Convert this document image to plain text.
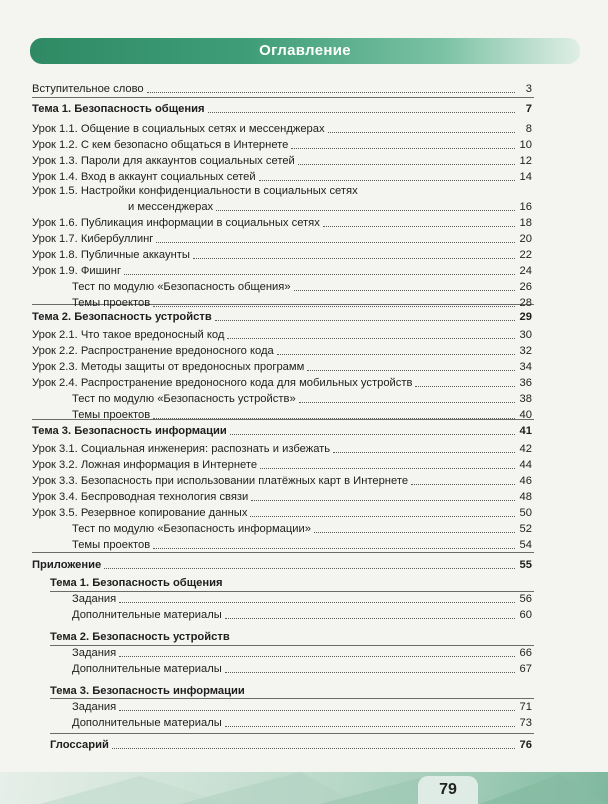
Оглавление
Вступительное слово	3
Тема 1. Безопасность общения	7
Урок 1.1. Общение в социальных сетях и мессенджерах	8
Урок 1.2. С кем безопасно общаться в Интернете	10
Урок 1.3. Пароли для аккаунтов социальных сетей	12
Урок 1.4. Вход в аккаунт социальных сетей	14
Урок 1.5. Настройки конфиденциальности в социальных сетях
и мессенджерах	16
Урок 1.6. Публикация информации в социальных сетях	18
Урок 1.7. Кибербуллинг	20
Урок 1.8. Публичные аккаунты	22
Урок 1.9. Фишинг	24
Тест по модулю «Безопасность общения»	26
Темы проектов	28
Тема 2. Безопасность устройств	29
Урок 2.1. Что такое вредоносный код	30
Урок 2.2. Распространение вредоносного кода	32
Урок 2.3. Методы защиты от вредоносных программ	34
Урок 2.4. Распространение вредоносного кода для мобильных устройств	36
Тест по модулю «Безопасность устройств»	38
Темы проектов	40
Тема 3. Безопасность информации	41
Урок 3.1. Социальная инженерия: распознать и избежать	42
Урок 3.2. Ложная информация в Интернете	44
Урок 3.3. Безопасность при использовании платёжных карт в Интернете	46
Урок 3.4. Беспроводная технология связи	48
Урок 3.5. Резервное копирование данных	50
Тест по модулю «Безопасность информации»	52
Темы проектов	54
Приложение	55
Тема 1. Безопасность общения
Задания	56
Дополнительные материалы	60
Тема 2. Безопасность устройств
Задания	66
Дополнительные материалы	67
Тема 3. Безопасность информации
Задания	71
Дополнительные материалы	73
Глоссарий	76
79
